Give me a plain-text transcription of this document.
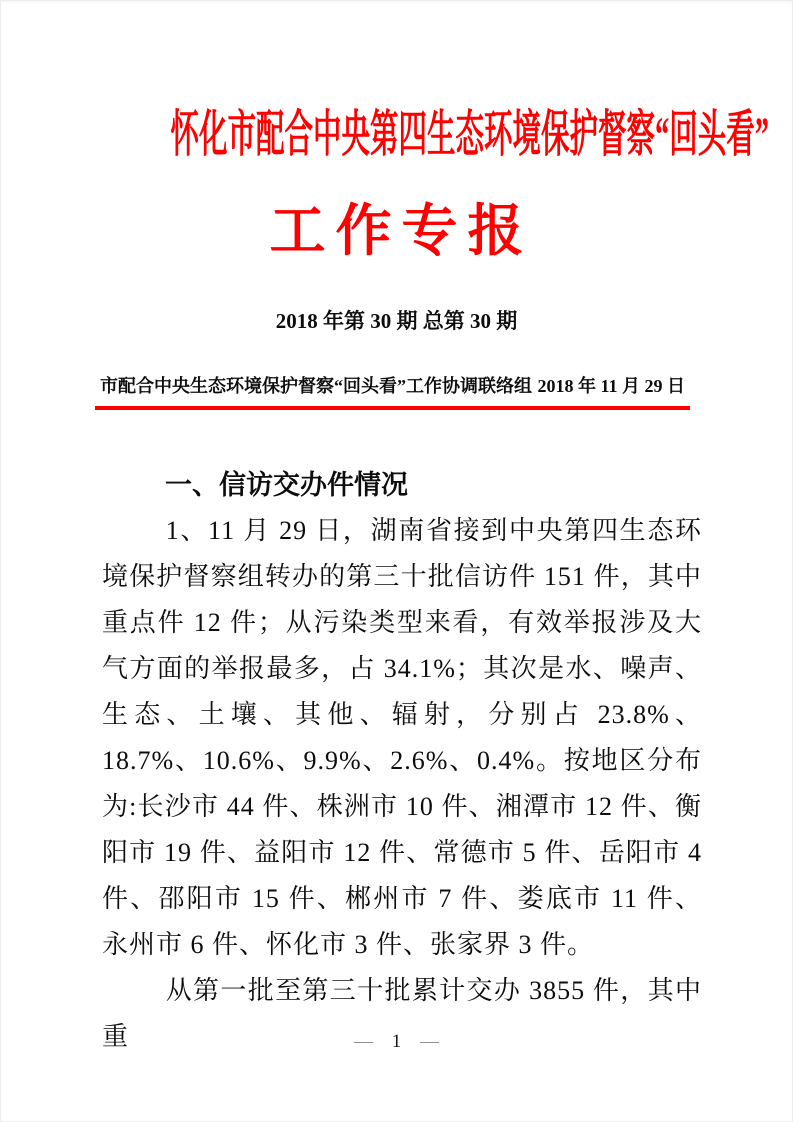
怀化市配合中央第四生态环境保护督察“回头看”
工作专报
2018 年第 30 期 总第 30 期
市配合中央生态环境保护督察“回头看”工作协调联络组 2018 年 11 月 29 日
一、信访交办件情况

1、11 月 29 日，湖南省接到中央第四生态环境保护督察组转办的第三十批信访件 151 件，其中重点件 12 件；从污染类型来看，有效举报涉及大气方面的举报最多，占 34.1%；其次是水、噪声、生态、土壤、其他、辐射，分别占 23.8%、18.7%、10.6%、9.9%、2.6%、0.4%。按地区分布为:长沙市 44 件、株洲市 10 件、湘潭市 12 件、衡阳市 19 件、益阳市 12 件、常德市 5 件、岳阳市 4 件、邵阳市 15 件、郴州市 7 件、娄底市 11 件、永州市 6 件、怀化市 3 件、张家界 3 件。

从第一批至第三十批累计交办 3855 件，其中重	— 1 —
